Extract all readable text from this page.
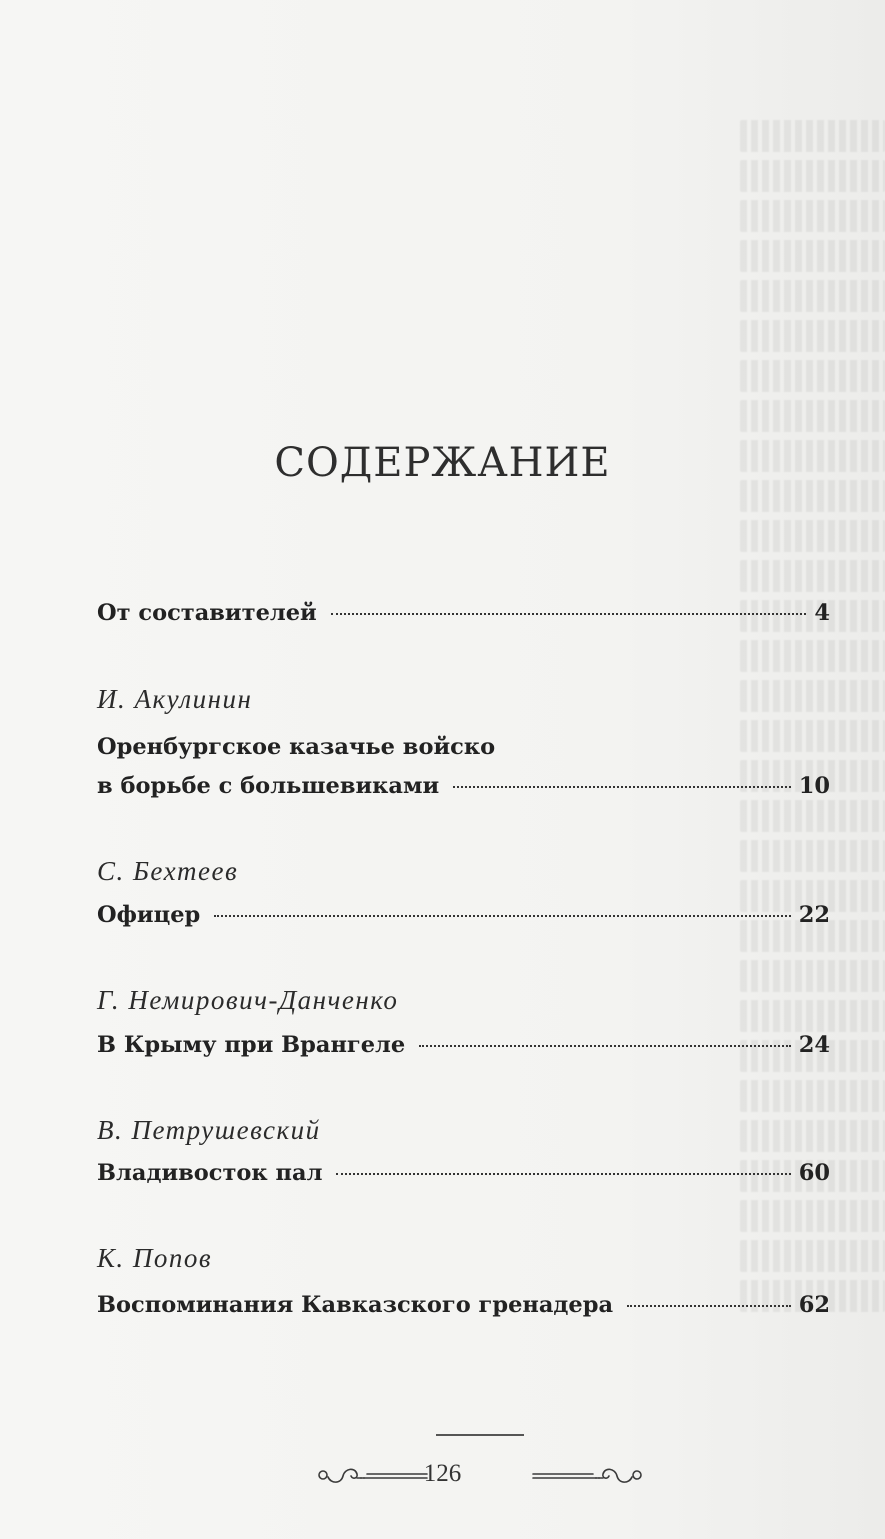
СОДЕРЖАНИЕ
От составителей	4
И. Акулинин
Оренбургское казачье войско
в борьбе с большевиками	10
С. Бехтеев
Офицер	22
Г. Немирович-Данченко
В Крыму при Врангеле	24
В. Петрушевский
Владивосток пал	60
К. Попов
Воспоминания Кавказского гренадера	62
126
